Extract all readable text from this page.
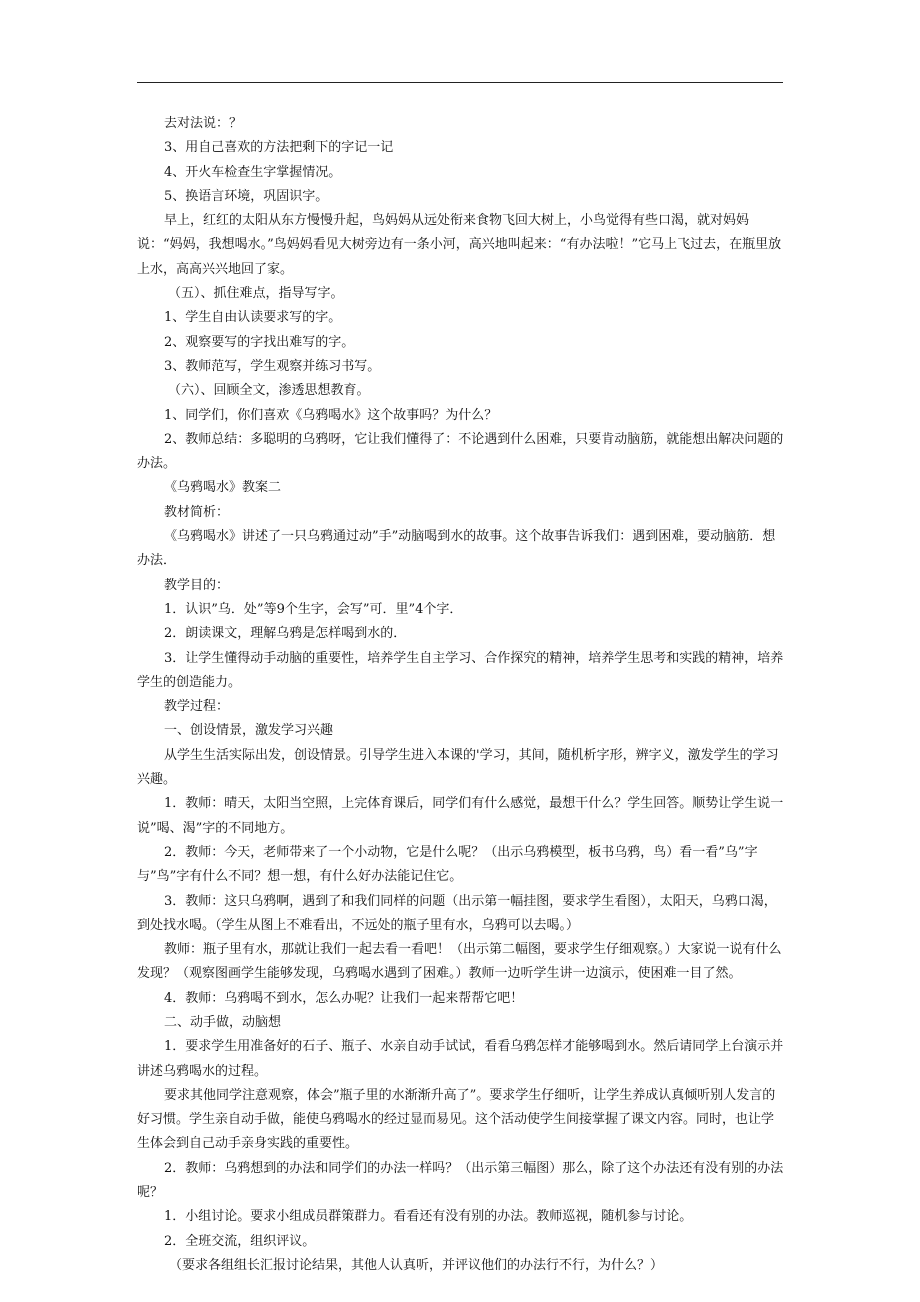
去对法说：？

3、用自己喜欢的方法把剩下的字记一记

4、开火车检查生字掌握情况。

5、换语言环境，巩固识字。

早上，红红的太阳从东方慢慢升起，鸟妈妈从远处衔来食物飞回大树上，小鸟觉得有些口渴，就对妈妈说：“妈妈，我想喝水。”鸟妈妈看见大树旁边有一条小河，高兴地叫起来：“有办法啦！”它马上飞过去，在瓶里放上水，高高兴兴地回了家。

（五）、抓住难点，指导写字。

1、学生自由认读要求写的字。

2、观察要写的字找出难写的字。

3、教师范写，学生观察并练习书写。

（六）、回顾全文，渗透思想教育。

1、同学们，你们喜欢《乌鸦喝水》这个故事吗？为什么？

2、教师总结：多聪明的乌鸦呀，它让我们懂得了：不论遇到什么困难，只要肯动脑筋，就能想出解决问题的办法。

《乌鸦喝水》教案二

教材简析：

《乌鸦喝水》讲述了一只乌鸦通过动”手”动脑喝到水的故事。这个故事告诉我们：遇到困难，要动脑筋．想办法．

教学目的：

1．认识”乌．处”等9个生字，会写”可．里”4个字．

2．朗读课文，理解乌鸦是怎样喝到水的．

3．让学生懂得动手动脑的重要性，培养学生自主学习、合作探究的精神，培养学生思考和实践的精神，培养学生的创造能力。

教学过程：

一、创设情景，激发学习兴趣

从学生生活实际出发，创设情景。引导学生进入本课的'学习，其间，随机析字形，辨字义，激发学生的学习兴趣。

1．教师：晴天，太阳当空照，上完体育课后，同学们有什么感觉，最想干什么？学生回答。顺势让学生说一说”喝、渴”字的不同地方。

2．教师：今天，老师带来了一个小动物，它是什么呢？（出示乌鸦模型，板书乌鸦，鸟）看一看”乌”字与”鸟”字有什么不同？想一想，有什么好办法能记住它。

3．教师：这只乌鸦啊，遇到了和我们同样的问题（出示第一幅挂图，要求学生看图），太阳天，乌鸦口渴，到处找水喝。（学生从图上不难看出，不远处的瓶子里有水，乌鸦可以去喝。）

教师：瓶子里有水，那就让我们一起去看一看吧！（出示第二幅图，要求学生仔细观察。）大家说一说有什么发现？（观察图画学生能够发现，乌鸦喝水遇到了困难。）教师一边听学生讲一边演示，使困难一目了然。

4．教师：乌鸦喝不到水，怎么办呢？让我们一起来帮帮它吧！

二、动手做，动脑想

1．要求学生用准备好的石子、瓶子、水亲自动手试试，看看乌鸦怎样才能够喝到水。然后请同学上台演示并讲述乌鸦喝水的过程。

要求其他同学注意观察，体会”瓶子里的水渐渐升高了”。要求学生仔细听，让学生养成认真倾听别人发言的好习惯。学生亲自动手做，能使乌鸦喝水的经过显而易见。这个活动使学生间接掌握了课文内容。同时，也让学生体会到自己动手亲身实践的重要性。

2．教师：乌鸦想到的办法和同学们的办法一样吗？（出示第三幅图）那么，除了这个办法还有没有别的办法呢？

1．小组讨论。要求小组成员群策群力。看看还有没有别的办法。教师巡视，随机参与讨论。

2．全班交流，组织评议。

（要求各组组长汇报讨论结果，其他人认真听，并评议他们的办法行不行，为什么？）
